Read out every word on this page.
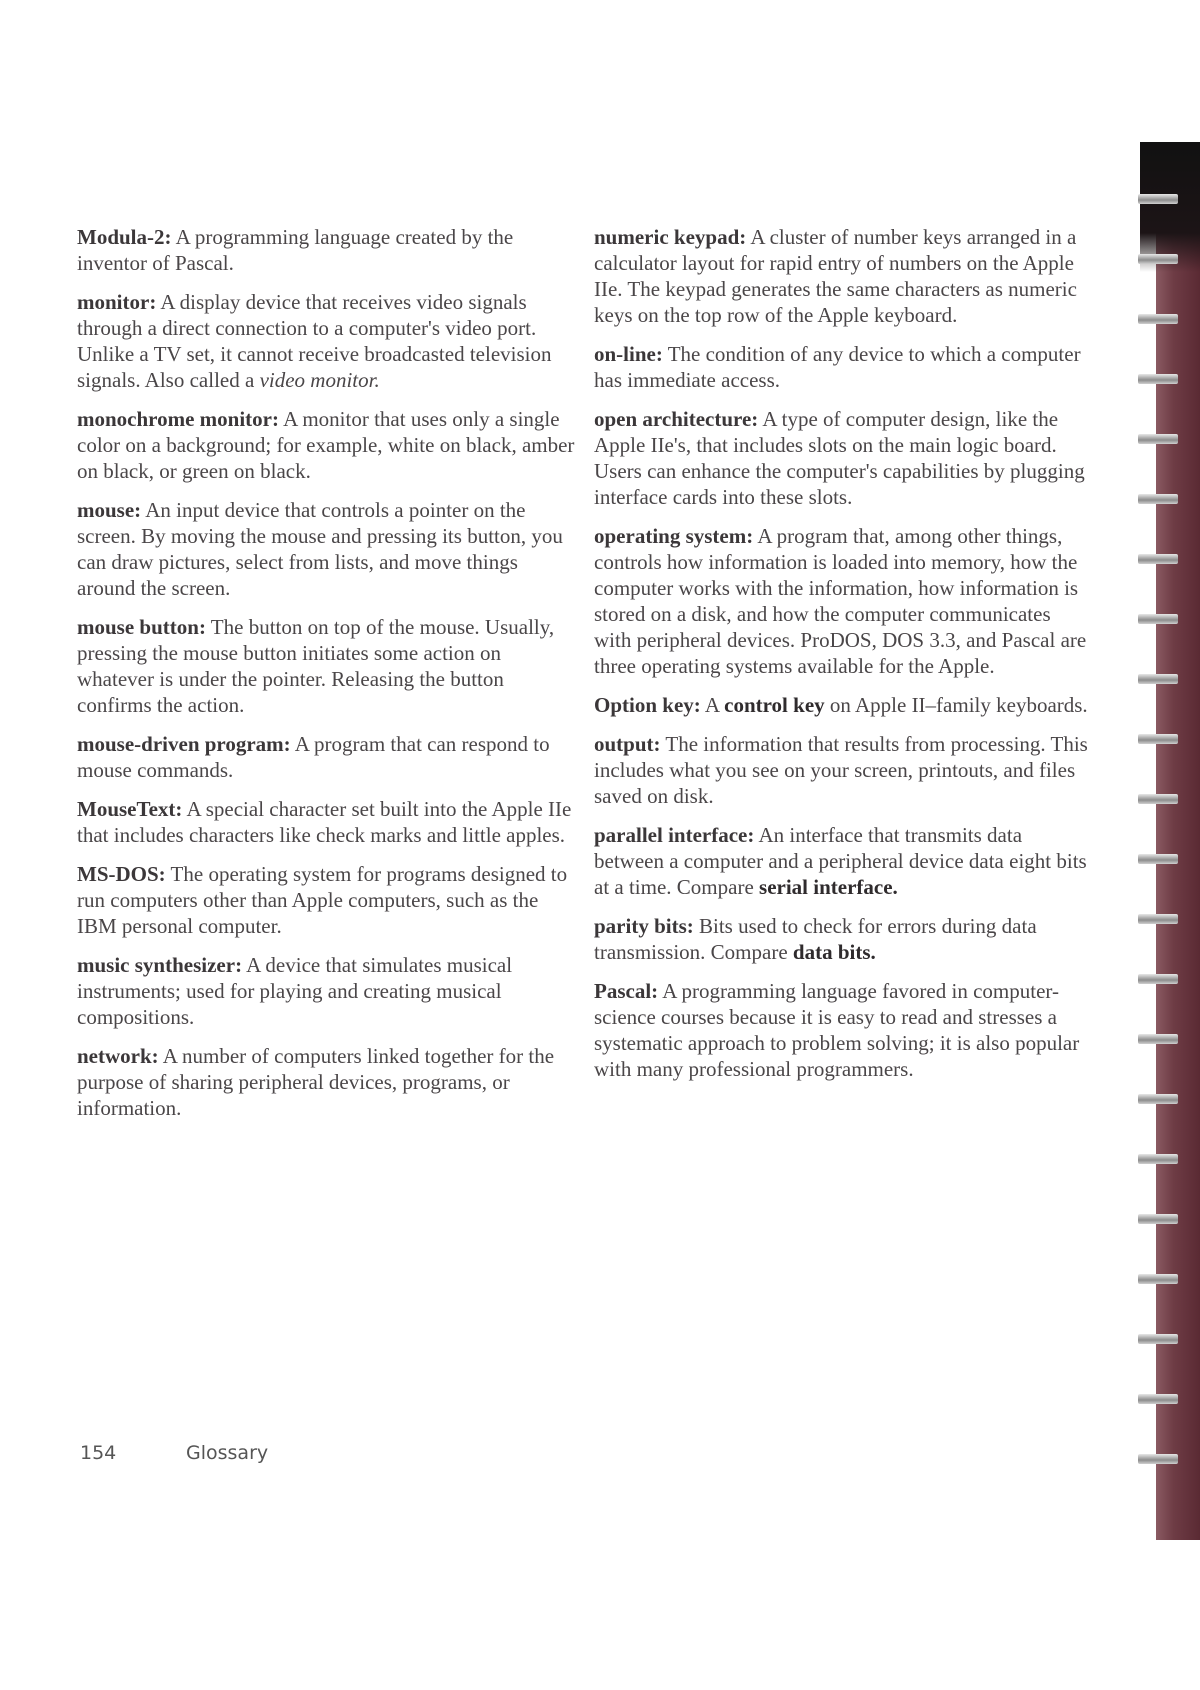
Modula-2: A programming language created by the inventor of Pascal.

monitor: A display device that receives video signals through a direct connection to a computer's video port. Unlike a TV set, it cannot receive broadcasted television signals. Also called a video monitor.

monochrome monitor: A monitor that uses only a single color on a background; for example, white on black, amber on black, or green on black.

mouse: An input device that controls a pointer on the screen. By moving the mouse and pressing its button, you can draw pictures, select from lists, and move things around the screen.

mouse button: The button on top of the mouse. Usually, pressing the mouse button initiates some action on whatever is under the pointer. Releasing the button confirms the action.

mouse-driven program: A program that can respond to mouse commands.

MouseText: A special character set built into the Apple IIe that includes characters like check marks and little apples.

MS-DOS: The operating system for programs designed to run computers other than Apple computers, such as the IBM personal computer.

music synthesizer: A device that simulates musical instruments; used for playing and creating musical compositions.

network: A number of computers linked together for the purpose of sharing peripheral devices, programs, or information.

numeric keypad: A cluster of number keys arranged in a calculator layout for rapid entry of numbers on the Apple IIe. The keypad generates the same characters as numeric keys on the top row of the Apple keyboard.

on-line: The condition of any device to which a computer has immediate access.

open architecture: A type of computer design, like the Apple IIe's, that includes slots on the main logic board. Users can enhance the computer's capabilities by plugging interface cards into these slots.

operating system: A program that, among other things, controls how information is loaded into memory, how the computer works with the information, how information is stored on a disk, and how the computer communicates with peripheral devices. ProDOS, DOS 3.3, and Pascal are three operating systems available for the Apple.

Option key: A control key on Apple II–family keyboards.

output: The information that results from processing. This includes what you see on your screen, printouts, and files saved on disk.

parallel interface: An interface that transmits data between a computer and a peripheral device data eight bits at a time. Compare serial interface.

parity bits: Bits used to check for errors during data transmission. Compare data bits.

Pascal: A programming language favored in computer-science courses because it is easy to read and stresses a systematic approach to problem solving; it is also popular with many professional programmers.

154	Glossary
